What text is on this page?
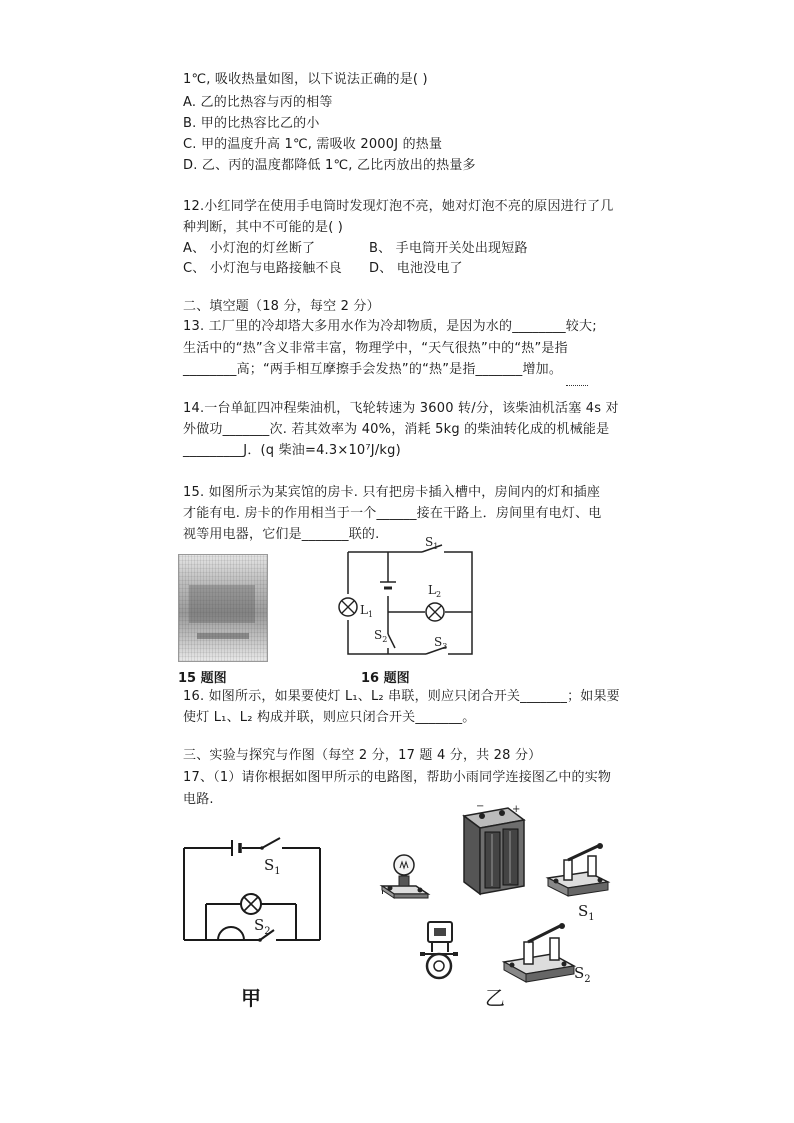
1℃, 吸收热量如图，以下说法正确的是( )
A. 乙的比热容与丙的相等
B. 甲的比热容比乙的小
C. 甲的温度升高 1℃, 需吸收 2000J 的热量
D. 乙、丙的温度都降低 1℃, 乙比丙放出的热量多
12.小红同学在使用手电筒时发现灯泡不亮，她对灯泡不亮的原因进行了几
种判断，其中不可能的是( )
A、 小灯泡的灯丝断了	B、 手电筒开关处出现短路
C、 小灯泡与电路接触不良 D、 电池没电了
二、填空题（18 分，每空 2 分）
13. 工厂里的冷却塔大多用水作为冷却物质，是因为水的________较大;
生活中的“热”含义非常丰富，物理学中，“天气很热”中的“热”是指
________高；“两手相互摩擦手会发热”的“热”是指_______增加。
14.一台单缸四冲程柴油机，飞轮转速为 3600 转/分，该柴油机活塞 4s 对
外做功_______次. 若其效率为 40%，消耗 5kg 的柴油转化成的机械能是
_________J．(q 柴油=4.3×10⁷J/kg)
15. 如图所示为某宾馆的房卡. 只有把房卡插入槽中，房间内的灯和插座
才能有电. 房卡的作用相当于一个______接在干路上．房间里有电灯、电
视等用电器，它们是_______联的.
15 题图
$S_1$
$L_1$
$L_2$
$S_2$	$S_3$
16 题图
16. 如图所示，如果要使灯 L₁、L₂ 串联，则应只闭合开关_______；如果要
使灯 L₁、L₂ 构成并联，则应只闭合开关_______。
三、实验与探究与作图（每空 2 分，17 题 4 分，共 28 分）
17、（1）请你根据如图甲所示的电路图，帮助小雨同学连接图乙中的实物
电路.
$S_1$
$S_2$
甲
−	+
$S_1$
$S_2$
乙
